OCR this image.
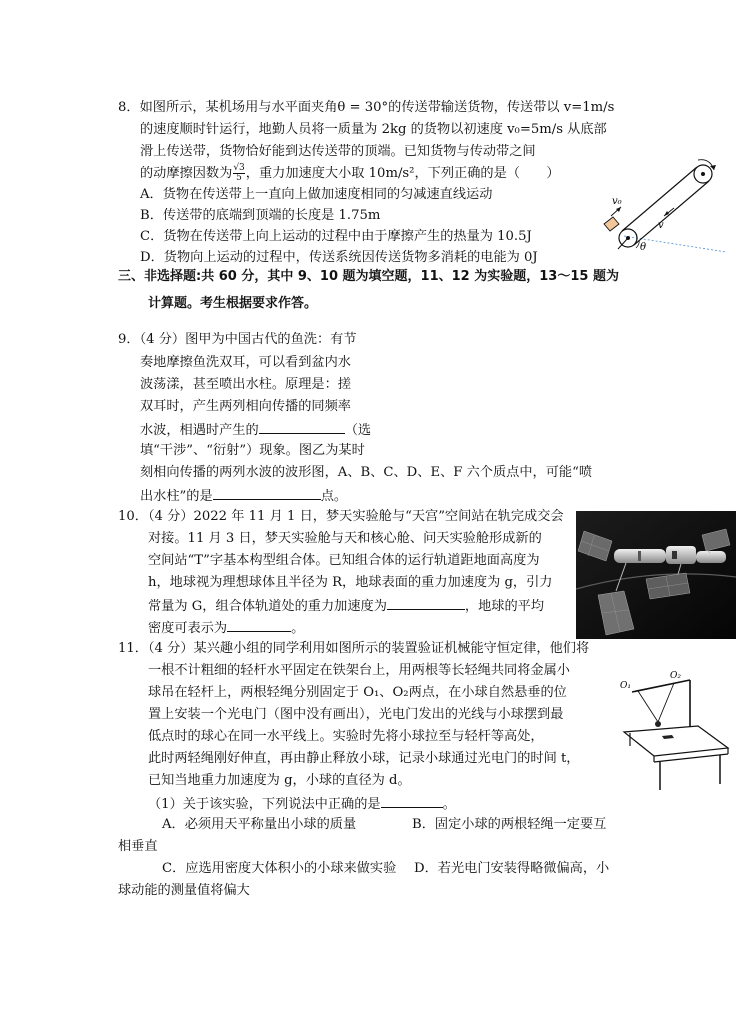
8．如图所示，某机场用与水平面夹角θ = 30°的传送带输送货物，传送带以 v=1m/s
的速度顺时针运行，地勤人员将一质量为 2kg 的货物以初速度 v₀=5m/s 从底部
滑上传送带，货物恰好能到达传送带的顶端。已知货物与传动带之间
的动摩擦因数为 $\frac{√3}{5}$ ，重力加速度大小取 10m/s²，下列正确的是（　　）
A．货物在传送带上一直向上做加速度相同的匀减速直线运动
B．传送带的底端到顶端的长度是 1.75m
C．货物在传送带上向上运动的过程中由于摩擦产生的热量为 10.5J
D．货物向上运动的过程中，传送系统因传送货物多消耗的电能为 0J
v₀
v
θ
三、非选择题:共 60 分，其中 9、10 题为填空题，11、12 为实验题，13～15 题为
计算题。考生根据要求作答。
9．（4 分）图甲为中国古代的鱼洗：有节
奏地摩擦鱼洗双耳，可以看到盆内水
波荡漾，甚至喷出水柱。原理是：搓
双耳时，产生两列相向传播的同频率
水波，相遇时产生的	（选
填“干涉”、“衍射”）现象。图乙为某时
刻相向传播的两列水波的波形图，A、B、C、D、E、F 六个质点中，可能“喷
出水柱”的是	点。
10．（4 分）2022 年 11 月 1 日，梦天实验舱与“天宫”空间站在轨完成交会
对接。11 月 3 日，梦天实验舱与天和核心舱、问天实验舱形成新的
空间站“T”字基本构型组合体。已知组合体的运行轨道距地面高度为
h，地球视为理想球体且半径为 R，地球表面的重力加速度为 g，引力
常量为 G，组合体轨道处的重力加速度为	，地球的平均
密度可表示为	。
11．（4 分）某兴趣小组的同学利用如图所示的装置验证机械能守恒定律，他们将
一根不计粗细的轻杆水平固定在铁架台上，用两根等长轻绳共同将金属小
球吊在轻杆上，两根轻绳分别固定于 O₁、O₂两点，在小球自然悬垂的位
置上安装一个光电门（图中没有画出），光电门发出的光线与小球摆到最
低点时的球心在同一水平线上。实验时先将小球拉至与轻杆等高处，
此时两轻绳刚好伸直，再由静止释放小球，记录小球通过光电门的时间 t，
已知当地重力加速度为 g，小球的直径为 d。
（1）关于该实验，下列说法中正确的是	。
A．必须用天平称量出小球的质量	B．固定小球的两根轻绳一定要互
相垂直
C．应选用密度大体积小的小球来做实验 D．若光电门安装得略微偏高，小
球动能的测量值将偏大
O₁
O₂
